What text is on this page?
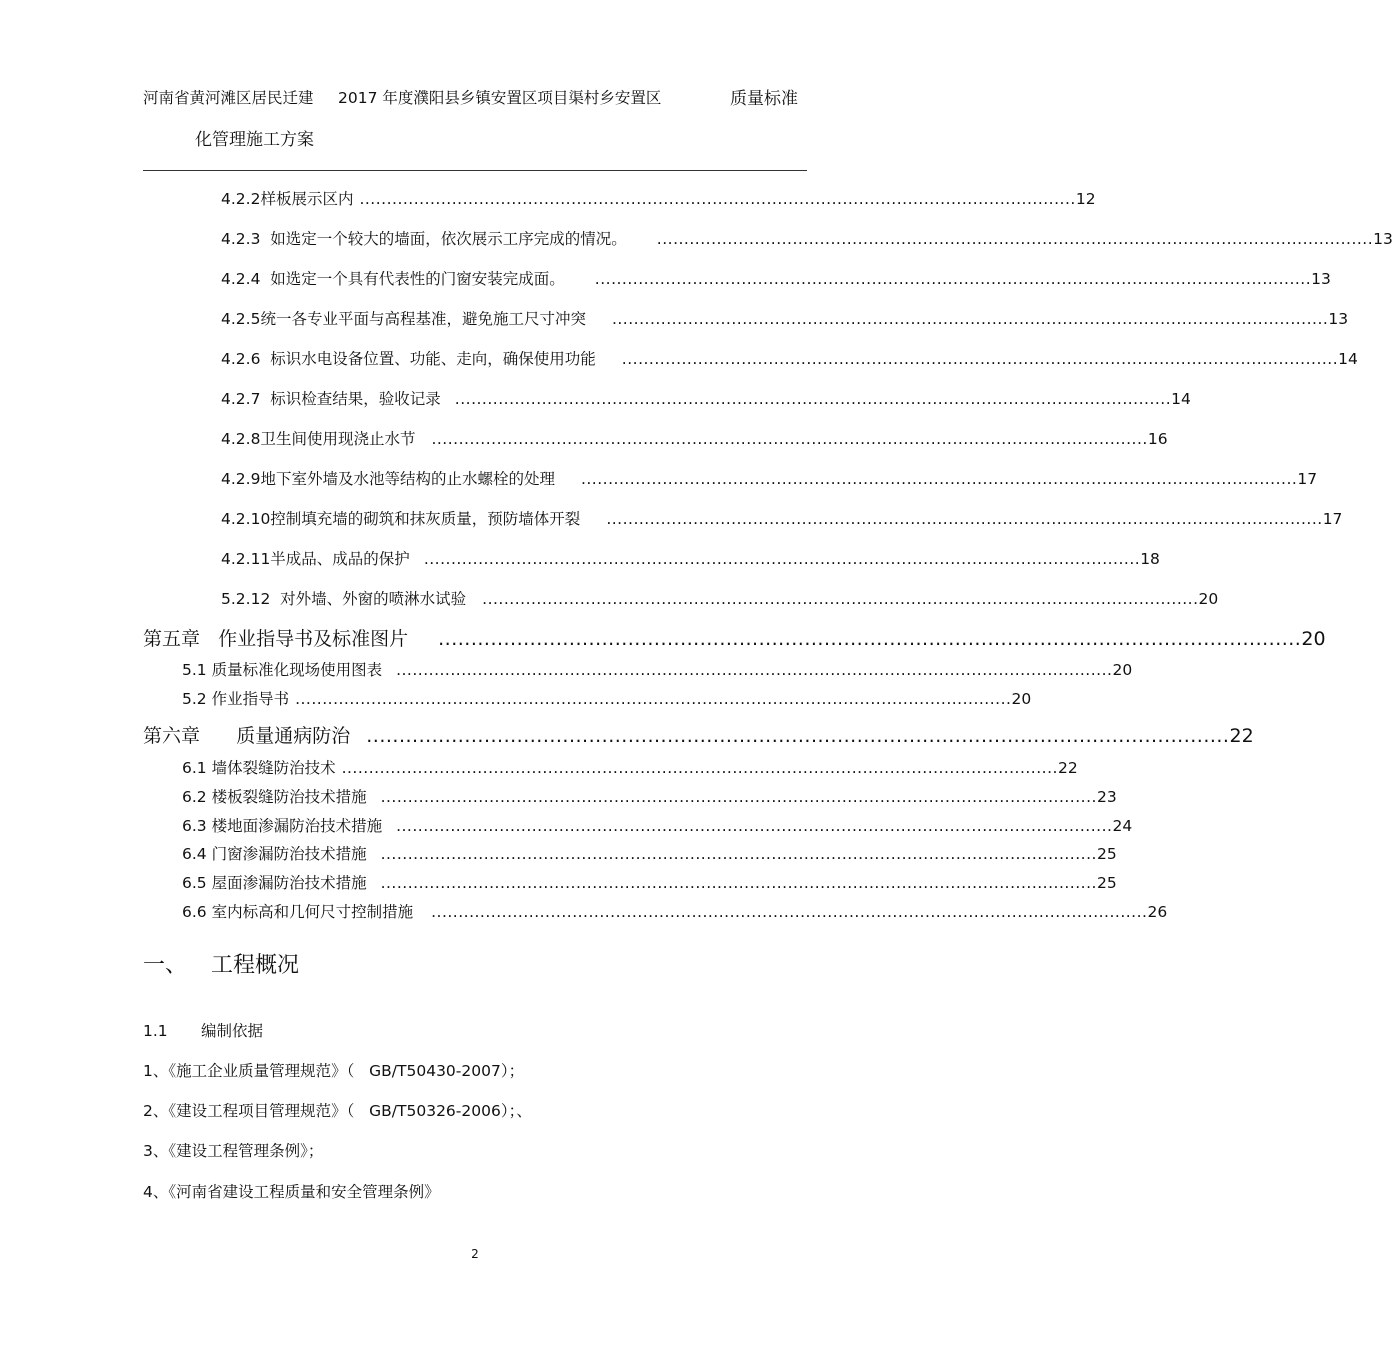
河南省黄河滩区居民迁建 2017 年度濮阳县乡镇安置区项目渠村乡安置区	质量标准
化管理施工方案
4.2.2样板展示区内 .................................................................................................................................... 12
4.2.3  如选定一个较大的墙面，依次展示工序完成的情况。 .................................................................................................................................... 13
4.2.4  如选定一个具有代表性的门窗安装完成面。 .................................................................................................................................... 13
4.2.5统一各专业平面与高程基准，避免施工尺寸冲突 .................................................................................................................................... 13
4.2.6  标识水电设备位置、功能、走向，确保使用功能 .................................................................................................................................... 14
4.2.7  标识检查结果，验收记录 .................................................................................................................................... 14
4.2.8卫生间使用现浇止水节 .................................................................................................................................... 16
4.2.9地下室外墙及水池等结构的止水螺栓的处理 .................................................................................................................................... 17
4.2.10控制填充墙的砌筑和抹灰质量，预防墙体开裂 .................................................................................................................................... 17
4.2.11半成品、成品的保护 .................................................................................................................................... 18
5.2.12  对外墙、外窗的喷淋水试验 .................................................................................................................................... 20
第五章   作业指导书及标准图片 .................................................................................................................................... 20
5.1 质量标准化现场使用图表 .................................................................................................................................... 20
5.2 作业指导书 .................................................................................................................................... 20
第六章      质量通病防治 .................................................................................................................................... 22
6.1 墙体裂缝防治技术 .................................................................................................................................... 22
6.2 楼板裂缝防治技术措施 .................................................................................................................................... 23
6.3 楼地面渗漏防治技术措施 .................................................................................................................................... 24
6.4 门窗渗漏防治技术措施 .................................................................................................................................... 25
6.5 屋面渗漏防治技术措施 .................................................................................................................................... 25
6.6 室内标高和几何尺寸控制措施 .................................................................................................................................... 26
一、 工程概况
1.1 编制依据
1、《施工企业质量管理规范》（   GB/T50430-2007）；
2、《建设工程项目管理规范》（   GB/T50326-2006）；、
3、《建设工程管理条例》；
4、《河南省建设工程质量和安全管理条例》
2
